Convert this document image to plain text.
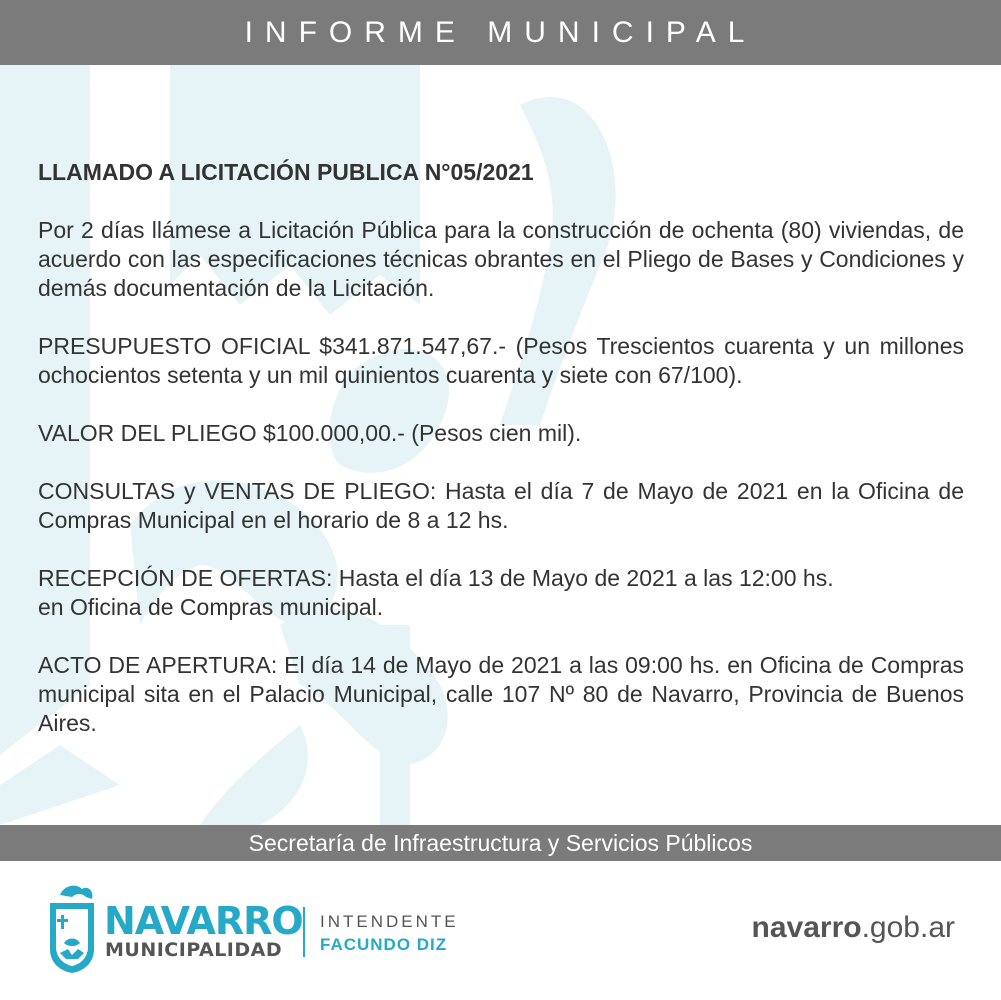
INFORME MUNICIPAL

LLAMADO A LICITACIÓN PUBLICA N°05/2021

Por 2 días llámese a Licitación Pública para la construcción de ochenta (80) viviendas, de acuerdo con las especificaciones técnicas obrantes en el Pliego de Bases y Condiciones y demás documentación de la Licitación.

PRESUPUESTO OFICIAL $341.871.547,67.- (Pesos Trescientos cuarenta y un millones ochocientos setenta y un mil quinientos cuarenta y siete con 67/100).

VALOR DEL PLIEGO $100.000,00.- (Pesos cien mil).

CONSULTAS y VENTAS DE PLIEGO: Hasta el día 7 de Mayo de 2021 en la Oficina de Compras Municipal en el horario de 8 a 12 hs.

RECEPCIÓN DE OFERTAS: Hasta el día 13 de Mayo de 2021 a las 12:00 hs.
en Oficina de Compras municipal.

ACTO DE APERTURA: El día 14 de Mayo de 2021 a las 09:00 hs. en Oficina de Compras municipal sita en el Palacio Municipal, calle 107 Nº 80 de Navarro, Provincia de Buenos Aires.

Secretaría de Infraestructura y Servicios Públicos
NAVARRO
MUNICIPALIDAD
INTENDENTE
FACUNDO DIZ
navarro.gob.ar
